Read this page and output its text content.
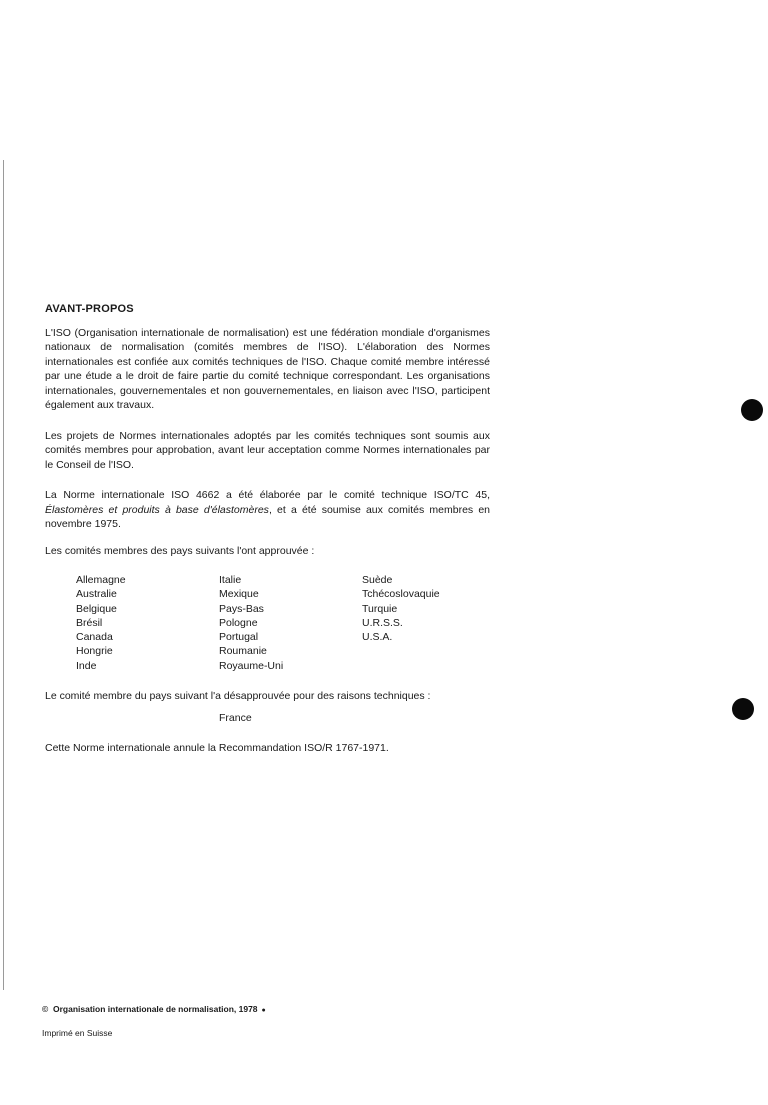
AVANT-PROPOS

L'ISO (Organisation internationale de normalisation) est une fédération mondiale d'organismes nationaux de normalisation (comités membres de l'ISO). L'élaboration des Normes internationales est confiée aux comités techniques de l'ISO. Chaque comité membre intéressé par une étude a le droit de faire partie du comité technique correspondant. Les organisations internationales, gouvernementales et non gouvernementales, en liaison avec l'ISO, participent également aux travaux.

Les projets de Normes internationales adoptés par les comités techniques sont soumis aux comités membres pour approbation, avant leur acceptation comme Normes internationales par le Conseil de l'ISO.

La Norme internationale ISO 4662 a été élaborée par le comité technique ISO/TC 45, Élastomères et produits à base d'élastomères, et a été soumise aux comités membres en novembre 1975.

Les comités membres des pays suivants l'ont approuvée :

Allemagne
Australie
Belgique
Brésil
Canada
Hongrie
Inde
Italie
Mexique
Pays-Bas
Pologne
Portugal
Roumanie
Royaume-Uni
Suède
Tchécoslovaquie
Turquie
U.R.S.S.
U.S.A.

Le comité membre du pays suivant l'a désapprouvée pour des raisons techniques :

France

Cette Norme internationale annule la Recommandation ISO/R 1767-1971.

© Organisation internationale de normalisation, 1978 ●
Imprimé en Suisse
